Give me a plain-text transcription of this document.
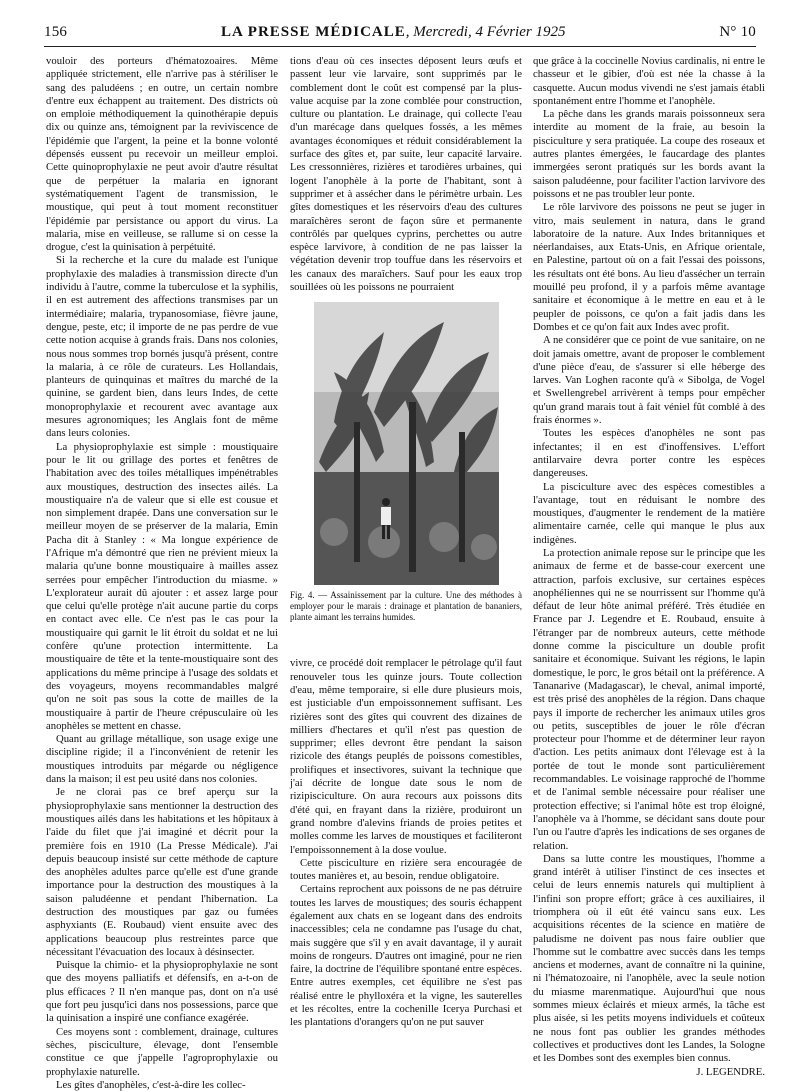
156	LA PRESSE MÉDICALE, Mercredi, 4 Février 1925	N° 10

vouloir des porteurs d'hématozoaires. Même appliquée strictement, elle n'arrive pas à stériliser le sang des paludéens ; en outre, un certain nombre d'entre eux échappent au traitement. Des districts où on emploie méthodiquement la quinothérapie depuis dix ou quinze ans, témoignent par la reviviscence de l'épidémie que l'argent, la peine et la bonne volonté dépensés eussent pu recevoir un meilleur emploi. Cette quinoprophylaxie ne peut avoir d'autre résultat que de perpétuer la malaria en ignorant systématiquement l'agent de transmission, le moustique, qui peut à tout moment reconstituer l'épidémie par persistance ou apport du virus. La malaria, mise en veilleuse, se rallume si on cesse la drogue, c'est la quinisation à perpétuité.

Si la recherche et la cure du malade est l'unique prophylaxie des maladies à transmission directe d'un individu à l'autre, comme la tuberculose et la syphilis, il en est autrement des affections transmises par un intermédiaire; malaria, trypanosomiase, fièvre jaune, dengue, peste, etc; il importe de ne pas perdre de vue cette notion acquise à grands frais. Dans nos colonies, nous nous sommes trop bornés jusqu'à présent, contre la malaria, à ce rôle de curateurs. Les Hollandais, planteurs de quinquinas et maîtres du marché de la quinine, se gardent bien, dans leurs Indes, de cette monoprophylaxie et recourent avec avantage aux mesures agronomiques; les Anglais font de même dans leurs colonies.

La physioprophylaxie est simple : moustiquaire pour le lit ou grillage des portes et fenêtres de l'habitation avec des toiles métalliques impénétrables aux moustiques, destruction des insectes ailés. La moustiquaire n'a de valeur que si elle est cousue et non simplement drapée. Dans une conversation sur le meilleur moyen de se préserver de la malaria, Emin Pacha dit à Stanley : « Ma longue expérience de l'Afrique m'a démontré que rien ne prévient mieux la malaria qu'une bonne moustiquaire à mailles assez serrées pour empêcher l'introduction du miasme. » L'explorateur aurait dû ajouter : et assez large pour que celui qu'elle protège n'ait aucune partie du corps en contact avec elle. Ce n'est pas le cas pour la moustiquaire qui garnit le lit étroit du soldat et ne lui confère qu'une protection intermittente. La moustiquaire de tête et la tente-moustiquaire sont des applications du même principe à l'usage des soldats et des voyageurs, moyens recommandables malgré qu'on ne soit pas sous la cotte de mailles de la moustiquaire à partir de l'heure crépusculaire où les anophèles se mettent en chasse.

Quant au grillage métallique, son usage exige une discipline rigide; il a l'inconvénient de retenir les moustiques introduits par mégarde ou négligence dans la maison; il est peu usité dans nos colonies.

Je ne clorai pas ce bref aperçu sur la physioprophylaxie sans mentionner la destruction des moustiques ailés dans les habitations et les hôpitaux à l'aide du filet que j'ai imaginé et décrit pour la première fois en 1910 (La Presse Médicale). J'ai depuis beaucoup insisté sur cette méthode de capture des anophèles adultes parce qu'elle est d'une grande importance pour la destruction des moustiques à la saison paludéenne et pendant l'hibernation. La destruction des moustiques par gaz ou fumées asphyxiants (E. Roubaud) vient ensuite avec des applications beaucoup plus restreintes parce que nécessitant l'évacuation des locaux à désinsecter.

Puisque la chimio- et la physioprophylaxie ne sont que des moyens palliatifs et défensifs, en a-t-on de plus efficaces ? Il n'en manque pas, dont on n'a usé que fort peu jusqu'ici dans nos possessions, parce que la quinisation a inspiré une confiance exagérée.

Ces moyens sont : comblement, drainage, cultures sèches, pisciculture, élevage, dont l'ensemble constitue ce que j'appelle l'agroprophylaxie ou prophylaxie naturelle.

Les gîtes d'anophèles, c'est-à-dire les collec-

tions d'eau où ces insectes déposent leurs œufs et passent leur vie larvaire, sont supprimés par le comblement dont le coût est compensé par la plus-value acquise par la zone comblée pour construction, culture ou plantation. Le drainage, qui collecte l'eau d'un marécage dans quelques fossés, a les mêmes avantages économiques et réduit considérablement la surface des gîtes et, par suite, leur capacité larvaire. Les cressonnières, rizières et tarodières urbaines, qui logent l'anophèle à la porte de l'habitant, sont à supprimer et à assécher dans le périmètre urbain. Les gîtes domestiques et les réservoirs d'eau des cultures maraîchères seront de façon sûre et permanente contrôlés par quelques cyprins, perchettes ou autre espèce larvivore, à condition de ne pas laisser la végétation devenir trop touffue dans les réservoirs et les canaux des maraîchers. Sauf pour les eaux trop souillées où les poissons ne pourraient

Fig. 4. — Assainissement par la culture. Une des méthodes à employer pour le marais : drainage et plantation de bananiers, plante aimant les terrains humides.

vivre, ce procédé doit remplacer le pétrolage qu'il faut renouveler tous les quinze jours. Toute collection d'eau, même temporaire, si elle dure plusieurs mois, est justiciable d'un empoissonnement suffisant. Les rizières sont des gîtes qui couvrent des dizaines de milliers d'hectares et qu'il n'est pas question de supprimer; elles devront être pendant la saison rizicole des étangs peuplés de poissons comestibles, prolifiques et insectivores, suivant la technique que j'ai décrite de longue date sous le nom de rizipisciculture. On aura recours aux poissons dits d'été qui, en frayant dans la rizière, produiront un grand nombre d'alevins friands de proies petites et molles comme les larves de moustiques et faciliteront l'empoissonnement à la dose voulue.

Cette pisciculture en rizière sera encouragée de toutes manières et, au besoin, rendue obligatoire.

Certains reprochent aux poissons de ne pas détruire toutes les larves de moustiques; des souris échappent également aux chats en se logeant dans des endroits inaccessibles; cela ne condamne pas l'usage du chat, mais suggère que s'il y en avait davantage, il y aurait moins de rongeurs. D'autres ont imaginé, pour ne rien faire, la doctrine de l'équilibre spontané entre espèces. Entre autres exemples, cet équilibre ne s'est pas réalisé entre le phylloxéra et la vigne, les sauterelles et les récoltes, entre la cochenille Icerya Purchasi et les plantations d'orangers qu'on ne put sauver

que grâce à la coccinelle Novius cardinalis, ni entre le chasseur et le gibier, d'où est née la chasse à la casquette. Aucun modus vivendi ne s'est jamais établi spontanément entre l'homme et l'anophèle.

La pêche dans les grands marais poissonneux sera interdite au moment de la fraie, au besoin la pisciculture y sera pratiquée. La coupe des roseaux et autres plantes émergées, le faucardage des plantes immergées seront pratiqués sur les bords avant la saison paludéenne, pour faciliter l'action larvivore des poissons et ne pas troubler leur ponte.

Le rôle larvivore des poissons ne peut se juger in vitro, mais seulement in natura, dans le grand laboratoire de la nature. Aux Indes britanniques et néerlandaises, aux Etats-Unis, en Afrique orientale, en Palestine, partout où on a fait l'essai des poissons, les résultats ont été bons. Au lieu d'assécher un terrain mouillé peu profond, il y a parfois même avantage sanitaire et économique à le mettre en eau et à le peupler de poissons, ce qu'on a fait jadis dans les Dombes et ce qu'on fait aux Indes avec profit.

A ne considérer que ce point de vue sanitaire, on ne doit jamais omettre, avant de proposer le comblement d'une pièce d'eau, de s'assurer si elle héberge des larves. Van Loghen raconte qu'à « Sibolga, de Vogel et Swellengrebel arrivèrent à temps pour empêcher qu'un grand marais tout à fait véniel fût comblé à des frais énormes ».

Toutes les espèces d'anophèles ne sont pas infectantes; il en est d'inoffensives. L'effort antilarvaire devra porter contre les espèces dangereuses.

La pisciculture avec des espèces comestibles a l'avantage, tout en réduisant le nombre des moustiques, d'augmenter le rendement de la matière alimentaire carnée, celle qui manque le plus aux indigènes.

La protection animale repose sur le principe que les animaux de ferme et de basse-cour exercent une attraction, parfois exclusive, sur certaines espèces anophéliennes qui ne se nourrissent sur l'homme qu'à défaut de leur hôte animal préféré. Très étudiée en France par J. Legendre et E. Roubaud, ensuite à l'étranger par de nombreux auteurs, cette méthode donne comme la pisciculture un double profit sanitaire et économique. Suivant les régions, le lapin domestique, le porc, le gros bétail ont la préférence. A Tananarive (Madagascar), le cheval, animal importé, est très prisé des anophèles de la région. Dans chaque pays il importe de rechercher les animaux utiles gros ou petits, susceptibles de jouer le rôle d'écran protecteur pour l'homme et de déterminer leur rayon d'action. Les petits animaux dont l'élevage est à la portée de tout le monde sont particulièrement recommandables. Le voisinage rapproché de l'homme et de l'animal semble nécessaire pour réaliser une protection effective; si l'animal hôte est trop éloigné, l'anophèle va à l'homme, se décidant sans doute pour l'un ou l'autre d'après les indications de ses organes de relation.

Dans sa lutte contre les moustiques, l'homme a grand intérêt à utiliser l'instinct de ces insectes et celui de leurs ennemis naturels qui multiplient à l'infini son propre effort; grâce à ces auxiliaires, il triomphera où il eût été vaincu sans eux. Les acquisitions récentes de la science en matière de paludisme ne doivent pas nous faire oublier que l'homme sut le combattre avec succès dans les temps anciens et modernes, avant de connaître ni la quinine, ni l'hématozoaire, ni l'anophèle, avec la seule notion du miasme marenmatique. Aujourd'hui que nous sommes mieux éclairés et mieux armés, la tâche est plus aisée, si les petits moyens individuels et coûteux ne nous font pas oublier les grandes méthodes collectives et productives dont les Landes, la Sologne et les Dombes sont des exemples bien connus.

J. LEGENDRE.
